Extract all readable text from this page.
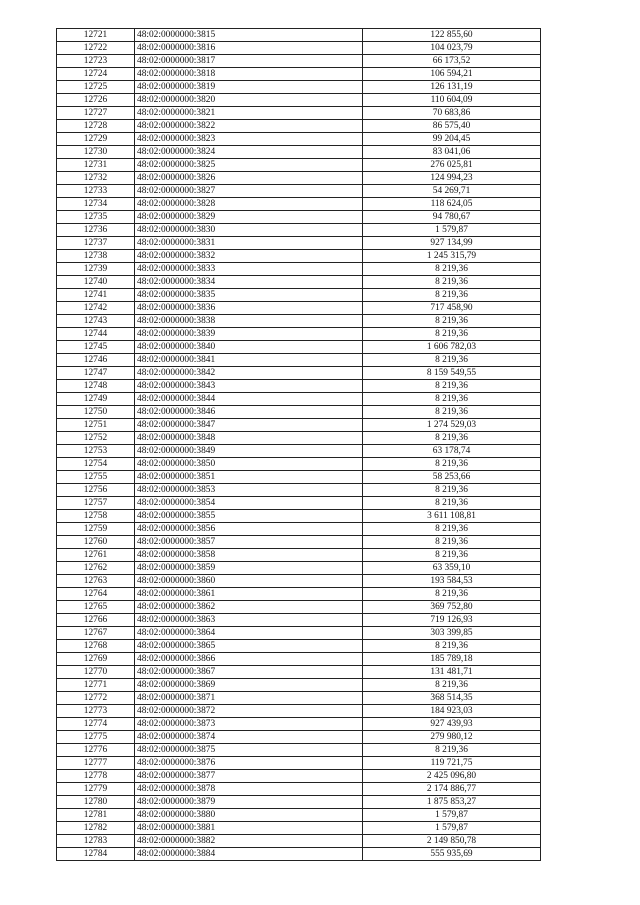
12721	48:02:0000000:3815	122 855,60
12722	48:02:0000000:3816	104 023,79
12723	48:02:0000000:3817	66 173,52
12724	48:02:0000000:3818	106 594,21
12725	48:02:0000000:3819	126 131,19
12726	48:02:0000000:3820	110 604,09
12727	48:02:0000000:3821	70 683,86
12728	48:02:0000000:3822	86 575,40
12729	48:02:0000000:3823	99 204,45
12730	48:02:0000000:3824	83 041,06
12731	48:02:0000000:3825	276 025,81
12732	48:02:0000000:3826	124 994,23
12733	48:02:0000000:3827	54 269,71
12734	48:02:0000000:3828	118 624,05
12735	48:02:0000000:3829	94 780,67
12736	48:02:0000000:3830	1 579,87
12737	48:02:0000000:3831	927 134,99
12738	48:02:0000000:3832	1 245 315,79
12739	48:02:0000000:3833	8 219,36
12740	48:02:0000000:3834	8 219,36
12741	48:02:0000000:3835	8 219,36
12742	48:02:0000000:3836	717 458,90
12743	48:02:0000000:3838	8 219,36
12744	48:02:0000000:3839	8 219,36
12745	48:02:0000000:3840	1 606 782,03
12746	48:02:0000000:3841	8 219,36
12747	48:02:0000000:3842	8 159 549,55
12748	48:02:0000000:3843	8 219,36
12749	48:02:0000000:3844	8 219,36
12750	48:02:0000000:3846	8 219,36
12751	48:02:0000000:3847	1 274 529,03
12752	48:02:0000000:3848	8 219,36
12753	48:02:0000000:3849	63 178,74
12754	48:02:0000000:3850	8 219,36
12755	48:02:0000000:3851	58 253,66
12756	48:02:0000000:3853	8 219,36
12757	48:02:0000000:3854	8 219,36
12758	48:02:0000000:3855	3 611 108,81
12759	48:02:0000000:3856	8 219,36
12760	48:02:0000000:3857	8 219,36
12761	48:02:0000000:3858	8 219,36
12762	48:02:0000000:3859	63 359,10
12763	48:02:0000000:3860	193 584,53
12764	48:02:0000000:3861	8 219,36
12765	48:02:0000000:3862	369 752,80
12766	48:02:0000000:3863	719 126,93
12767	48:02:0000000:3864	303 399,85
12768	48:02:0000000:3865	8 219,36
12769	48:02:0000000:3866	185 789,18
12770	48:02:0000000:3867	131 481,71
12771	48:02:0000000:3869	8 219,36
12772	48:02:0000000:3871	368 514,35
12773	48:02:0000000:3872	184 923,03
12774	48:02:0000000:3873	927 439,93
12775	48:02:0000000:3874	279 980,12
12776	48:02:0000000:3875	8 219,36
12777	48:02:0000000:3876	119 721,75
12778	48:02:0000000:3877	2 425 096,80
12779	48:02:0000000:3878	2 174 886,77
12780	48:02:0000000:3879	1 875 853,27
12781	48:02:0000000:3880	1 579,87
12782	48:02:0000000:3881	1 579,87
12783	48:02:0000000:3882	2 149 850,78
12784	48:02:0000000:3884	555 935,69
